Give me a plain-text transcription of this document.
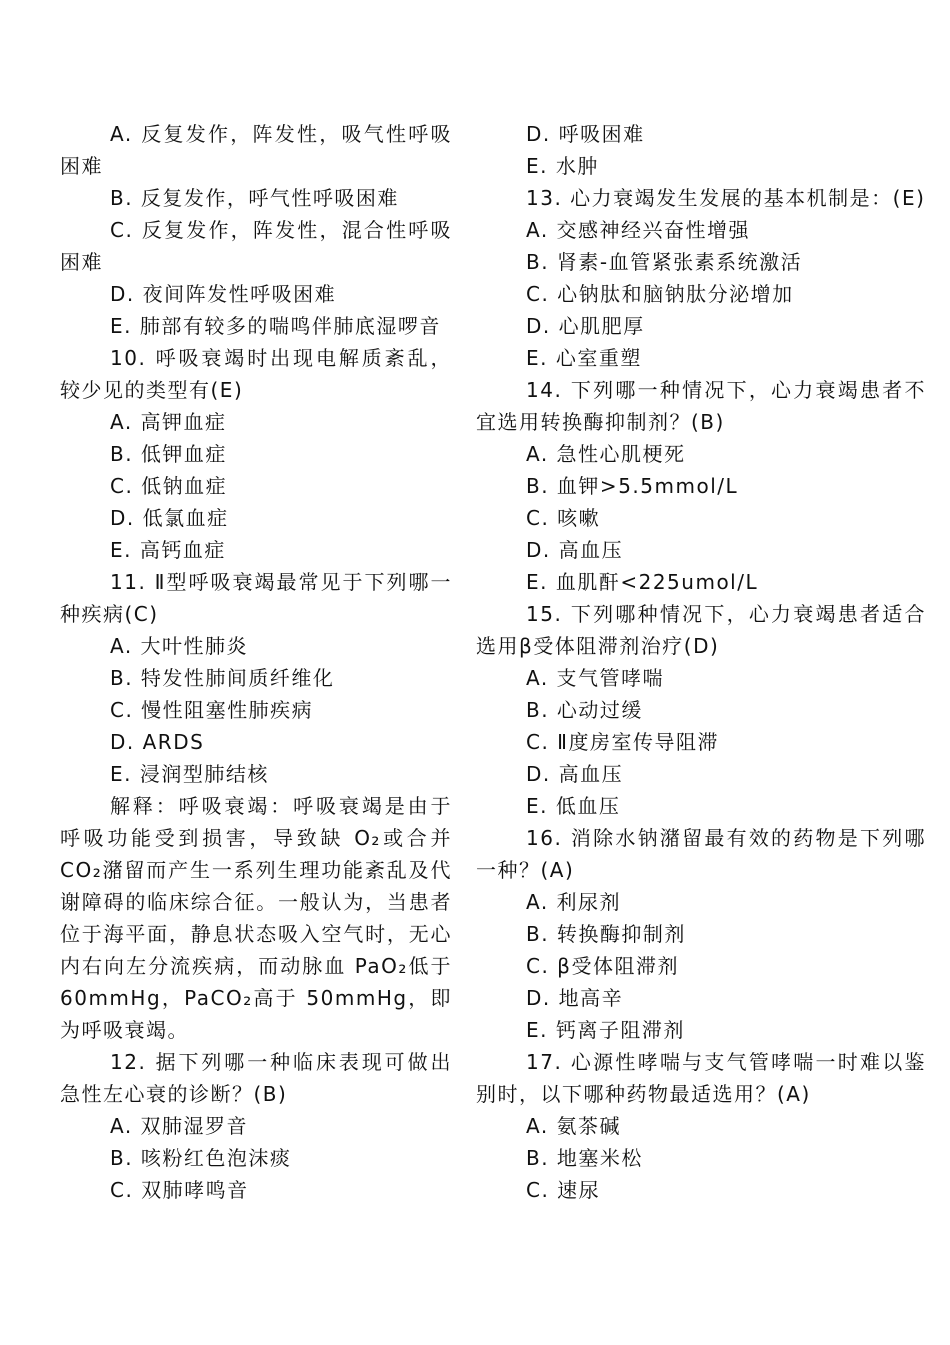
A. 反复发作，阵发性，吸气性呼吸困难

B. 反复发作，呼气性呼吸困难

C. 反复发作，阵发性，混合性呼吸困难

D. 夜间阵发性呼吸困难

E. 肺部有较多的喘鸣伴肺底湿啰音

10. 呼吸衰竭时出现电解质紊乱，较少见的类型有(E)

A. 高钾血症

B. 低钾血症

C. 低钠血症

D. 低氯血症

E. 高钙血症

11. Ⅱ型呼吸衰竭最常见于下列哪一种疾病(C)

A. 大叶性肺炎

B. 特发性肺间质纤维化

C. 慢性阻塞性肺疾病

D. ARDS

E. 浸润型肺结核

解释：呼吸衰竭：呼吸衰竭是由于呼吸功能受到损害，导致缺 O₂或合并 CO₂潴留而产生一系列生理功能紊乱及代谢障碍的临床综合征。一般认为，当患者位于海平面，静息状态吸入空气时，无心内右向左分流疾病，而动脉血 PaO₂低于 60mmHg，PaCO₂高于 50mmHg，即为呼吸衰竭。

12. 据下列哪一种临床表现可做出急性左心衰的诊断？(B)

A. 双肺湿罗音

B. 咳粉红色泡沫痰

C. 双肺哮鸣音

D. 呼吸困难

E. 水肿

13. 心力衰竭发生发展的基本机制是：(E)

A. 交感神经兴奋性增强

B. 肾素-血管紧张素系统激活

C. 心钠肽和脑钠肽分泌增加

D. 心肌肥厚

E. 心室重塑

14. 下列哪一种情况下，心力衰竭患者不宜选用转换酶抑制剂？(B)

A. 急性心肌梗死

B. 血钾>5.5mmol/L

C. 咳嗽

D. 高血压

E. 血肌酐<225umol/L

15. 下列哪种情况下，心力衰竭患者适合选用β受体阻滞剂治疗(D)

A. 支气管哮喘

B. 心动过缓

C. Ⅱ度房室传导阻滞

D. 高血压

E. 低血压

16. 消除水钠潴留最有效的药物是下列哪一种？(A)

A. 利尿剂

B. 转换酶抑制剂

C. β受体阻滞剂

D. 地高辛

E. 钙离子阻滞剂

17. 心源性哮喘与支气管哮喘一时难以鉴别时，以下哪种药物最适选用？(A)

A. 氨茶碱

B. 地塞米松

C. 速尿
